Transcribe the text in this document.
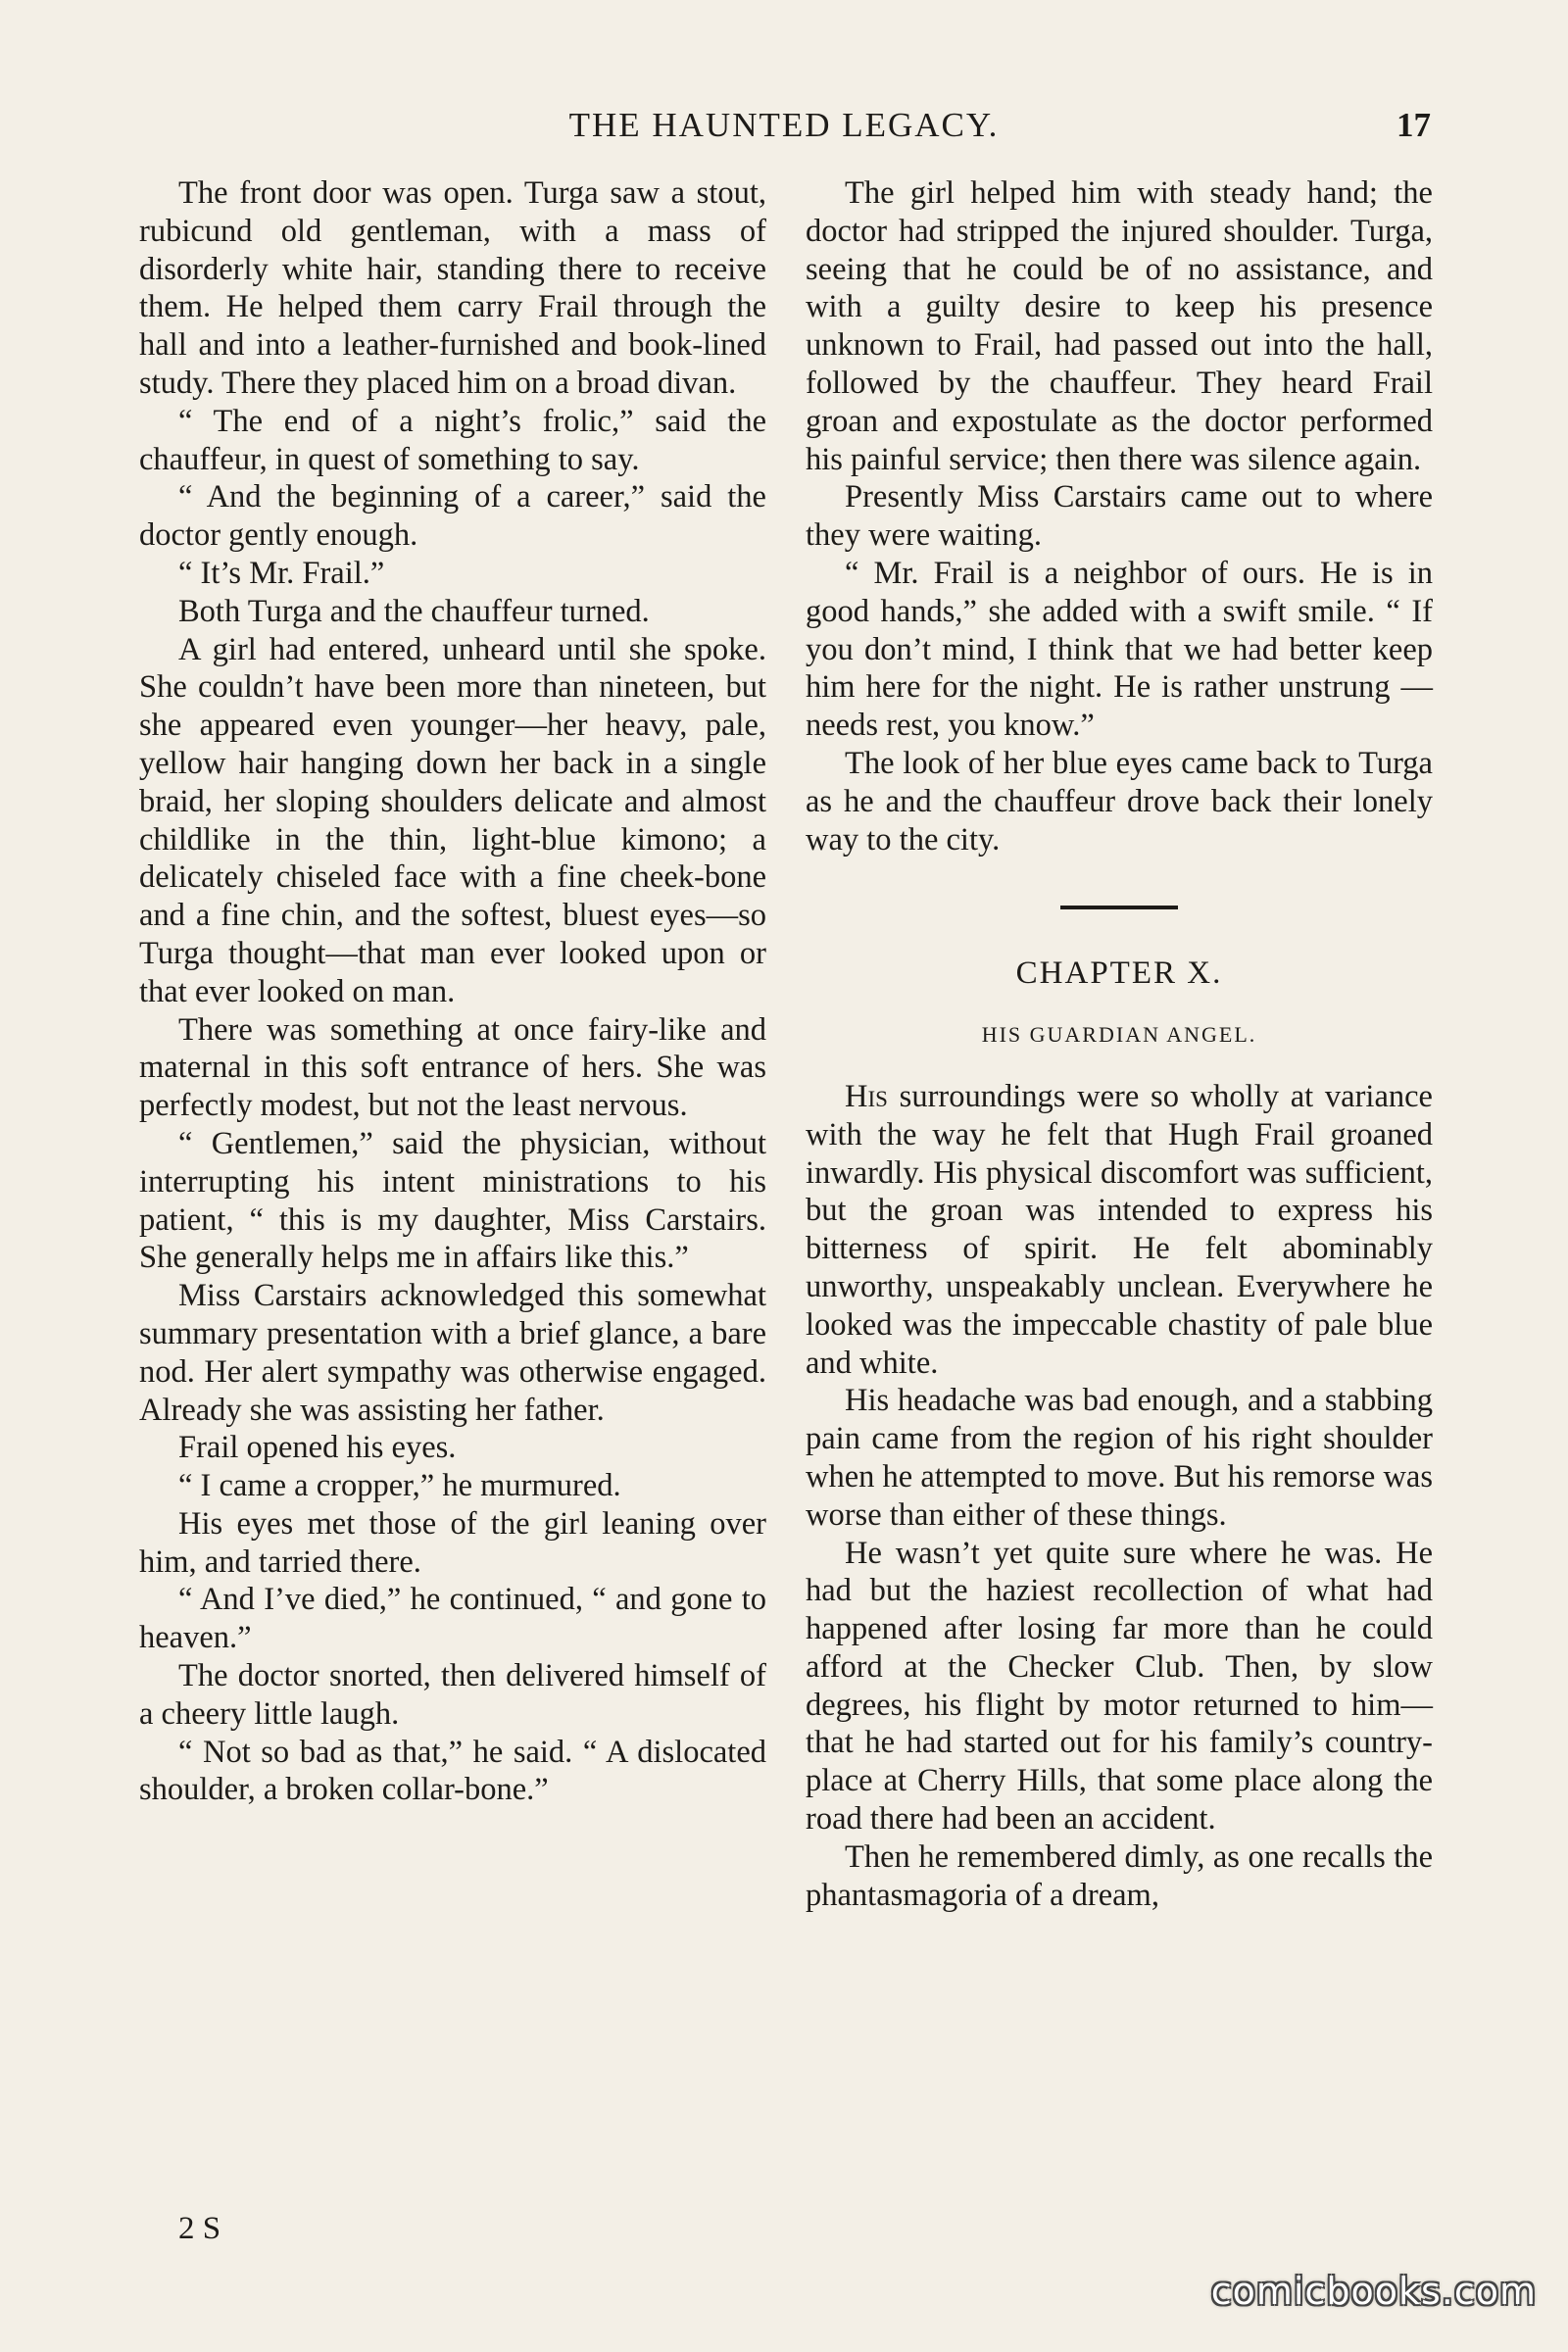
THE HAUNTED LEGACY.	17

The front door was open. Turga saw a stout, rubicund old gentleman, with a mass of disorderly white hair, standing there to receive them. He helped them carry Frail through the hall and into a leather-furnished and book-lined study. There they placed him on a broad divan.

“ The end of a night’s frolic,” said the chauffeur, in quest of something to say.

“ And the beginning of a career,” said the doctor gently enough.

“ It’s Mr. Frail.”

Both Turga and the chauffeur turned.

A girl had entered, unheard until she spoke. She couldn’t have been more than nineteen, but she appeared even younger—her heavy, pale, yellow hair hanging down her back in a single braid, her sloping shoulders delicate and almost childlike in the thin, light-blue kimono; a delicately chiseled face with a fine cheek-bone and a fine chin, and the softest, bluest eyes—so Turga thought—that man ever looked upon or that ever looked on man.

There was something at once fairy-like and maternal in this soft entrance of hers. She was perfectly modest, but not the least nervous.

“ Gentlemen,” said the physician, without interrupting his intent ministrations to his patient, “ this is my daughter, Miss Carstairs. She generally helps me in affairs like this.”

Miss Carstairs acknowledged this somewhat summary presentation with a brief glance, a bare nod. Her alert sympathy was otherwise engaged. Already she was assisting her father.

Frail opened his eyes.

“ I came a cropper,” he murmured.

His eyes met those of the girl leaning over him, and tarried there.

“ And I’ve died,” he continued, “ and gone to heaven.”

The doctor snorted, then delivered himself of a cheery little laugh.

“ Not so bad as that,” he said. “ A dislocated shoulder, a broken collar-bone.”

The girl helped him with steady hand; the doctor had stripped the injured shoulder. Turga, seeing that he could be of no assistance, and with a guilty desire to keep his presence unknown to Frail, had passed out into the hall, followed by the chauffeur. They heard Frail groan and expostulate as the doctor performed his painful service; then there was silence again.

Presently Miss Carstairs came out to where they were waiting.

“ Mr. Frail is a neighbor of ours. He is in good hands,” she added with a swift smile. “ If you don’t mind, I think that we had better keep him here for the night. He is rather unstrung —needs rest, you know.”

The look of her blue eyes came back to Turga as he and the chauffeur drove back their lonely way to the city.

CHAPTER X.
HIS GUARDIAN ANGEL.

His surroundings were so wholly at variance with the way he felt that Hugh Frail groaned inwardly. His physical discomfort was sufficient, but the groan was intended to express his bitterness of spirit. He felt abominably unworthy, unspeakably unclean. Everywhere he looked was the impeccable chastity of pale blue and white.

His headache was bad enough, and a stabbing pain came from the region of his right shoulder when he attempted to move. But his remorse was worse than either of these things.

He wasn’t yet quite sure where he was. He had but the haziest recollection of what had happened after losing far more than he could afford at the Checker Club. Then, by slow degrees, his flight by motor returned to him—that he had started out for his family’s country-place at Cherry Hills, that some place along the road there had been an accident.

Then he remembered dimly, as one recalls the phantasmagoria of a dream,

2 S
comicbooks.com
